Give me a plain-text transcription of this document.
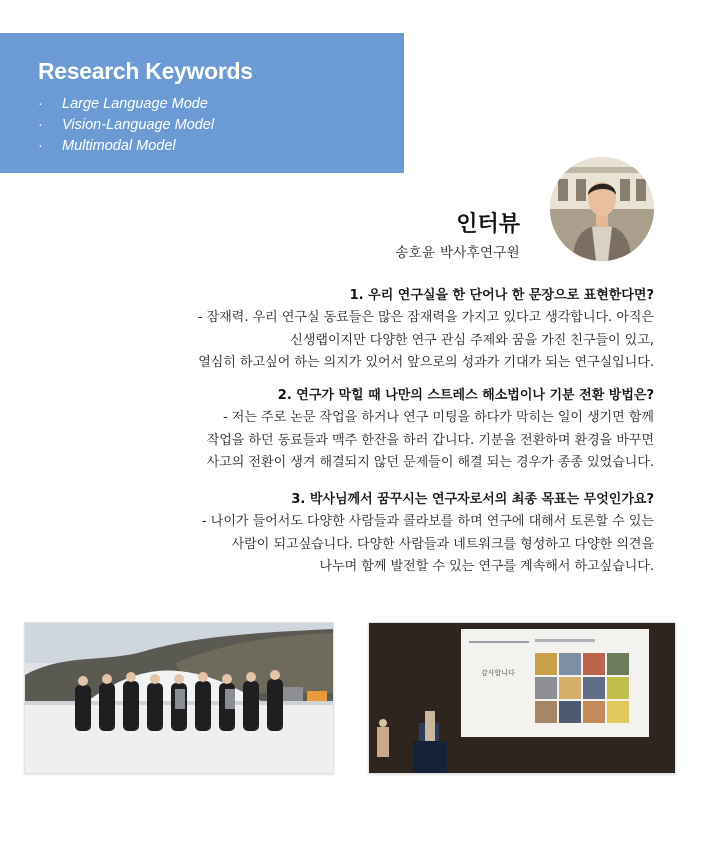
Research Keywords
· Large Language Mode
· Vision-Language Model
· Multimodal Model
인터뷰
송호윤 박사후연구원
1. 우리 연구실을 한 단어나 한 문장으로 표현한다면?
- 잠재력. 우리 연구실 동료들은 많은 잠재력을 가지고 있다고 생각합니다. 아직은
신생랩이지만 다양한 연구 관심 주제와 꿈을 가진 친구들이 있고,
열심히 하고싶어 하는 의지가 있어서 앞으로의 성과가 기대가 되는 연구실입니다.
2. 연구가 막힐 때 나만의 스트레스 해소법이나 기분 전환 방법은?
- 저는 주로 논문 작업을 하거나 연구 미팅을 하다가 막히는 일이 생기면 함께
작업을 하던 동료들과 맥주 한잔을 하러 갑니다. 기분을 전환하며 환경을 바꾸면
사고의 전환이 생겨 해결되지 않던 문제들이 해결 되는 경우가 종종 있었습니다.
3. 박사님께서 꿈꾸시는 연구자로서의 최종 목표는 무엇인가요?
- 나이가 들어서도 다양한 사람들과 콜라보를 하며 연구에 대해서 토론할 수 있는
사람이 되고싶습니다. 다양한 사람들과 네트워크를 형성하고 다양한 의견을
나누며 함께 발전할 수 있는 연구를 계속해서 하고싶습니다.
감사합니다
